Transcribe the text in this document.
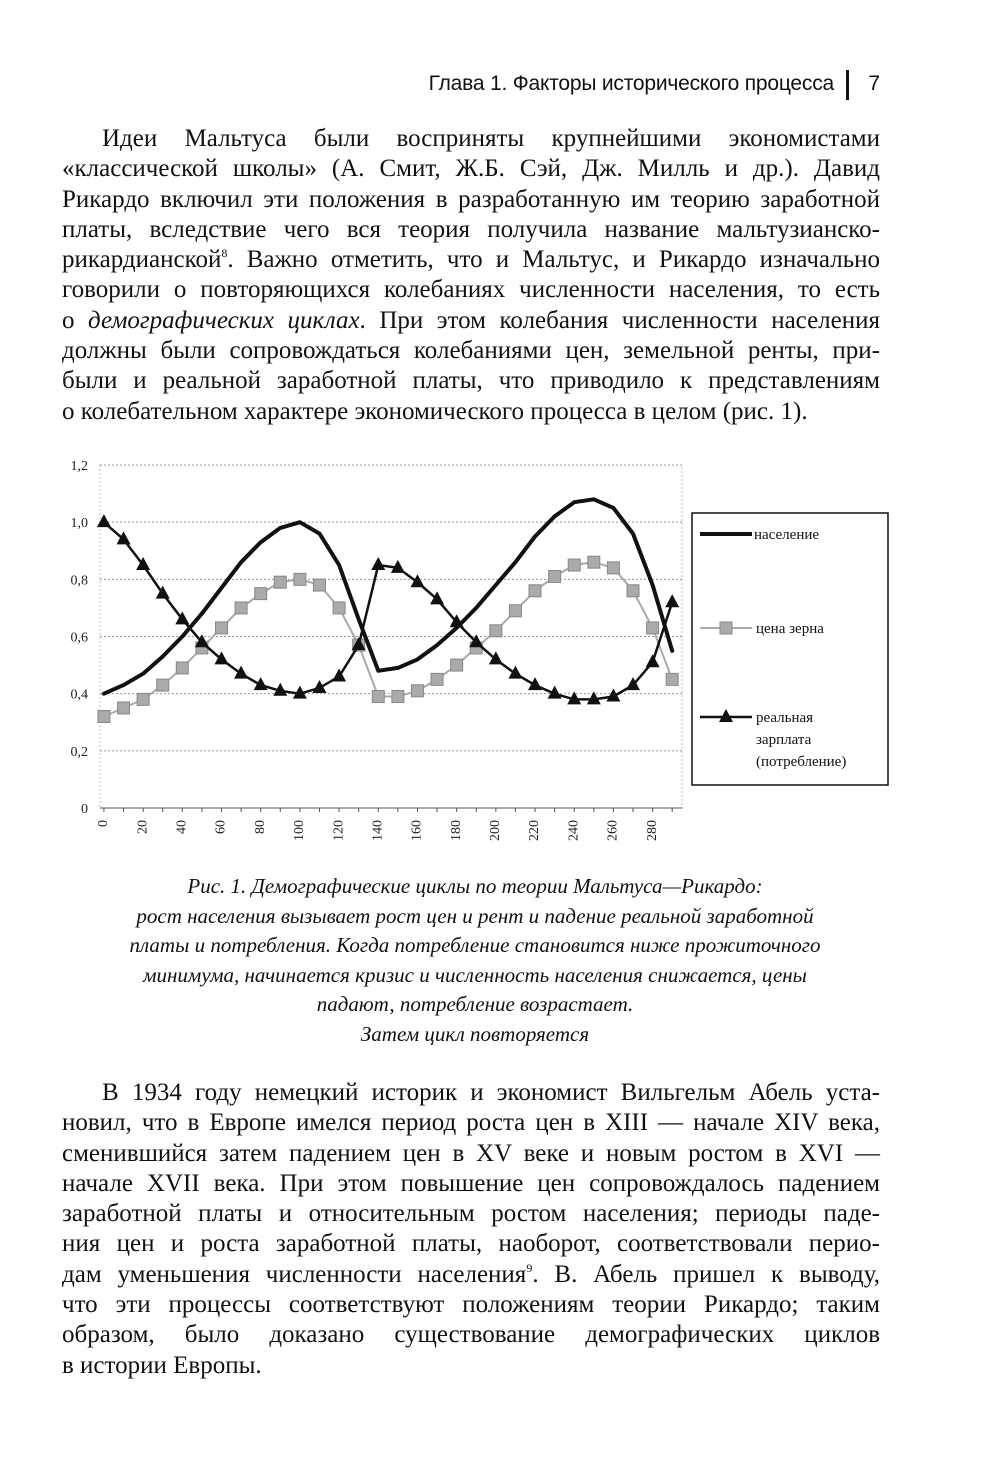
Глава 1. Факторы исторического процесса 7
Идеи Мальтуса были восприняты крупнейшими экономистами
«классической школы» (А. Смит, Ж.Б. Сэй, Дж. Милль и др.). Давид
Рикардо включил эти положения в разработанную им теорию заработной
платы, вследствие чего вся теория получила название мальтузианско-
рикардианской$^8$. Важно отметить, что и Мальтус, и Рикардо изначально
говорили о повторяющихся колебаниях численности населения, то есть
о демографических циклах. При этом колебания численности населения
должны были сопровождаться колебаниями цен, земельной ренты, при-
были и реальной заработной платы, что приводило к представлениям
о колебательном характере экономического процесса в целом (рис. 1).
0
0,2
0,4
0,6
0,8
1,0
1,2
0 20 40 60 80 100 120 140 160 180 200 220 240 260 280
население
цена зерна
реальная
зарплата
(потребление)
Рис. 1. Демографические циклы по теории Мальтуса—Рикардо:
рост населения вызывает рост цен и рент и падение реальной заработной
платы и потребления. Когда потребление становится ниже прожиточного
минимума, начинается кризис и численность населения снижается, цены
падают, потребление возрастает.
Затем цикл повторяется
В 1934 году немецкий историк и экономист Вильгельм Абель уста-
новил, что в Европе имелся период роста цен в XIII — начале XIV века,
сменившийся затем падением цен в XV веке и новым ростом в XVI —
начале XVII века. При этом повышение цен сопровождалось падением
заработной платы и относительным ростом населения; периоды паде-
ния цен и роста заработной платы, наоборот, соответствовали перио-
дам уменьшения численности населения$^9$. В. Абель пришел к выводу,
что эти процессы соответствуют положениям теории Рикардо; таким
образом, было доказано существование демографических циклов
в истории Европы.
